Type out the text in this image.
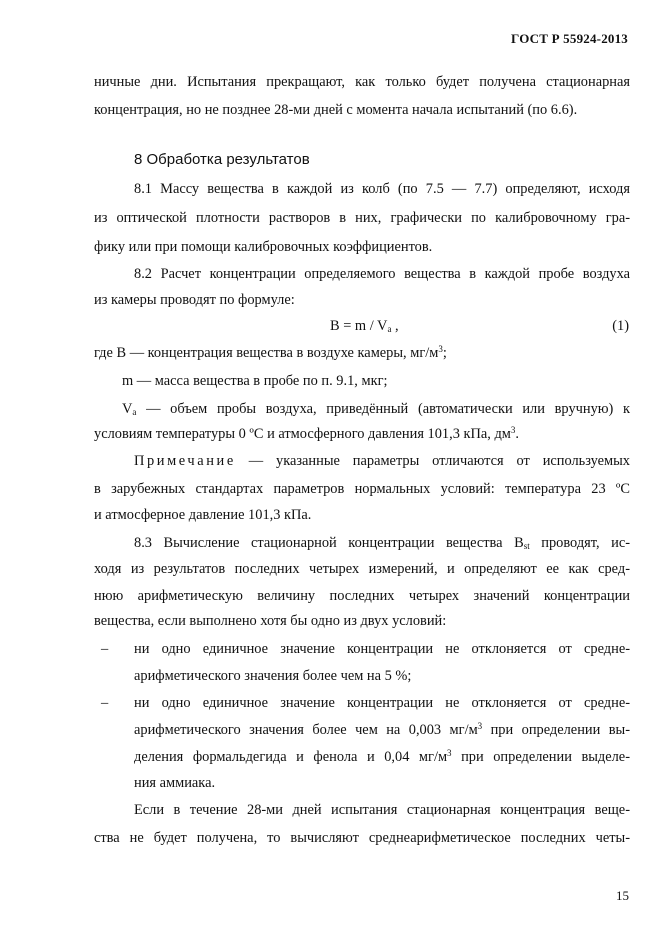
ГОСТ Р 55924-2013
ничные дни. Испытания прекращают, как только будет получена стационарная
концентрация, но не позднее 28-ми дней с момента начала испытаний (по 6.6).
8 Обработка результатов
8.1 Массу вещества в каждой из колб (по 7.5 — 7.7) определяют, исходя
из оптической плотности растворов в них, графически по калибровочному гра-
фику или при помощи калибровочных коэффициентов.
8.2 Расчет концентрации определяемого вещества в каждой пробе воздуха
из камеры проводят по формуле:
$B = m / V_a$ ,	(1)
где B — концентрация вещества в воздухе камеры, $мг/м^3$;
m — масса вещества в пробе по п. 9.1, мкг;
$V_a$ — объем пробы воздуха, приведённый (автоматически или вручную) к
условиям температуры 0 ºС и атмосферного давления 101,3 кПа, $дм^3$.
Примечание — указанные параметры отличаются от используемых
в зарубежных стандартах параметров нормальных условий: температура 23 ºС
и атмосферное давление 101,3 кПа.
8.3 Вычисление стационарной концентрации вещества $B_{st}$ проводят, ис-
ходя из результатов последних четырех измерений, и определяют ее как сред-
нюю арифметическую величину последних четырех значений концентрации
вещества, если выполнено хотя бы одно из двух условий:
– ни одно единичное значение концентрации не отклоняется от средне-
арифметического значения более чем на 5 %;
– ни одно единичное значение концентрации не отклоняется от средне-
арифметического значения более чем на 0,003 $мг/м^3$ при определении вы-
деления формальдегида и фенола и 0,04 $мг/м^3$ при определении выделе-
ния аммиака.
Если в течение 28-ми дней испытания стационарная концентрация веще-
ства не будет получена, то вычисляют среднеарифметическое последних четы-
15
